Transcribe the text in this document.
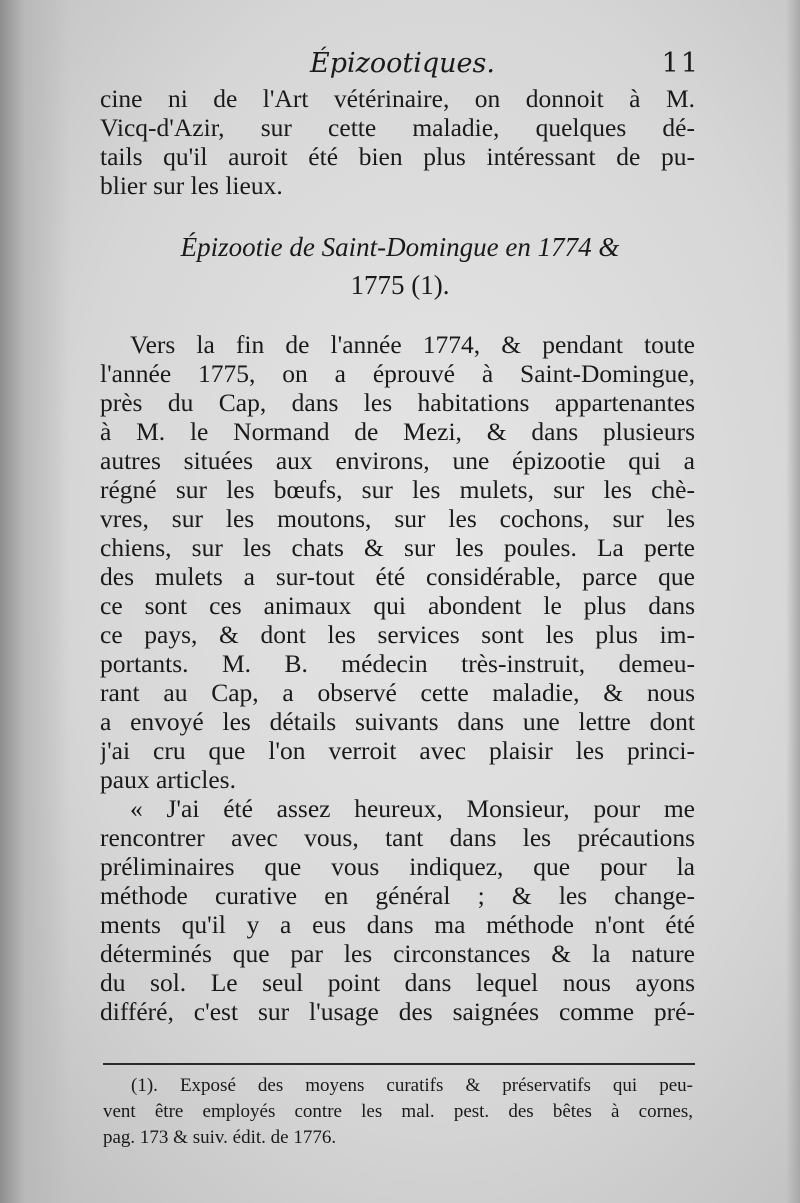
Épizootiques.	11
cine ni de l'Art vétérinaire, on donnoit à M.
Vicq-d'Azir, sur cette maladie, quelques dé-
tails qu'il auroit été bien plus intéressant de pu-
blier sur les lieux.
Épizootie de Saint-Domingue en 1774 &
1775 (1).
Vers la fin de l'année 1774, & pendant toute
l'année 1775, on a éprouvé à Saint-Domingue,
près du Cap, dans les habitations appartenantes
à M. le Normand de Mezi, & dans plusieurs
autres situées aux environs, une épizootie qui a
régné sur les bœufs, sur les mulets, sur les chè-
vres, sur les moutons, sur les cochons, sur les
chiens, sur les chats & sur les poules. La perte
des mulets a sur-tout été considérable, parce que
ce sont ces animaux qui abondent le plus dans
ce pays, & dont les services sont les plus im-
portants. M. B. médecin très-instruit, demeu-
rant au Cap, a observé cette maladie, & nous
a envoyé les détails suivants dans une lettre dont
j'ai cru que l'on verroit avec plaisir les princi-
paux articles.
« J'ai été assez heureux, Monsieur, pour me
rencontrer avec vous, tant dans les précautions
préliminaires que vous indiquez, que pour la
méthode curative en général ; & les change-
ments qu'il y a eus dans ma méthode n'ont été
déterminés que par les circonstances & la nature
du sol. Le seul point dans lequel nous ayons
différé, c'est sur l'usage des saignées comme pré-
(1). Exposé des moyens curatifs & préservatifs qui peu-
vent être employés contre les mal. pest. des bêtes à cornes,
pag. 173 & suiv. édit. de 1776.
